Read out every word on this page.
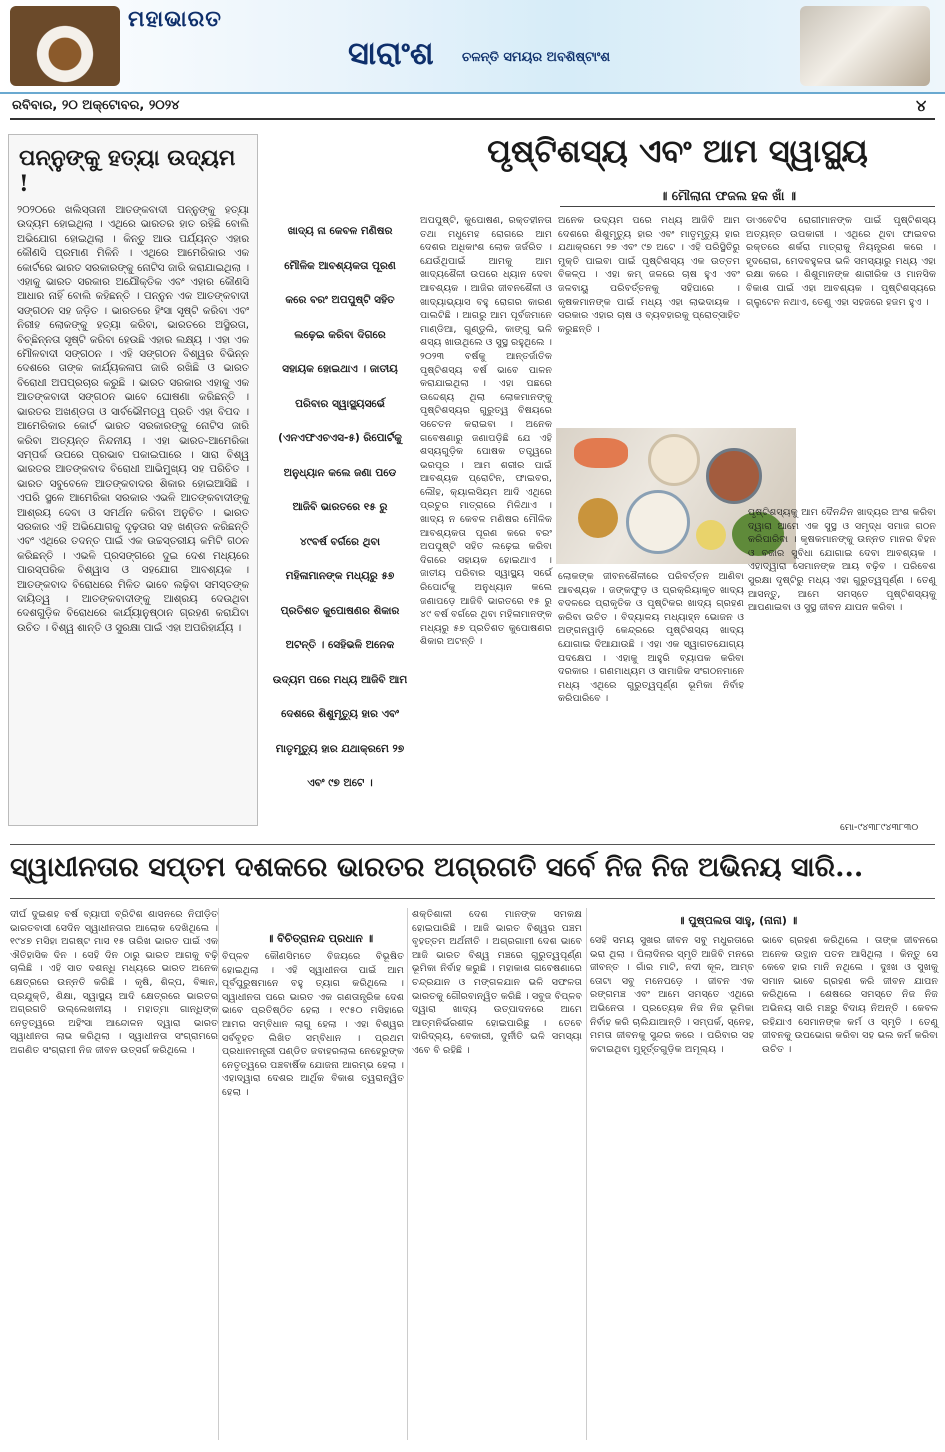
ମହାଭାରତ
ସାରାଂଶ ଚଳନ୍ତି ସମୟର ଅବଶିଷ୍ଟାଂଶ
ରବିବାର, ୨୦ ଅକ୍ଟୋବର, ୨୦୨୪	୪
ପନ୍ନୁଙ୍କୁ ହତ୍ୟା ଉଦ୍ୟମ !

୨୦୨୦ରେ ଖଲିସ୍ତାନୀ ଆତଙ୍କବାଦୀ ପନ୍ନୁଙ୍କୁ ହତ୍ୟା ଉଦ୍ୟମ ହୋଇଥିଲା । ଏଥିରେ ଭାରତର ହାତ ରହିଛି ବୋଲି ଅଭିଯୋଗ ହୋଇଥିଲା । କିନ୍ତୁ ଆଉ ପର୍ଯ୍ୟନ୍ତ ଏହାର କୌଣସି ପ୍ରମାଣ ମିଳିନି । ଏଥିରେ ଆମେରିକାର ଏକ କୋର୍ଟରେ ଭାରତ ସରକାରଙ୍କୁ ନୋଟିସ ଜାରି କରାଯାଇଥିଲା । ଏହାକୁ ଭାରତ ସରକାର ଅଯୌକ୍ତିକ ଏବଂ ଏହାର କୌଣସି ଆଧାର ନାହିଁ ବୋଲି କହିଛନ୍ତି । ପନ୍ନୁନ ଏକ ଆତଙ୍କବାଦୀ ସଙ୍ଗଠନ ସହ ଜଡ଼ିତ । ଭାରତରେ ହିଂସା ସୃଷ୍ଟି କରିବା ଏବଂ ନିରୀହ ଲୋକଙ୍କୁ ହତ୍ୟା କରିବା, ଭାରତରେ ଅସ୍ଥିରତା, ବିଚ୍ଛିନ୍ନତା ସୃଷ୍ଟି କରିବା ହେଉଛି ଏହାର ଲକ୍ଷ୍ୟ । ଏହା ଏକ ମୌଳବାଦୀ ସଙ୍ଗଠନ । ଏହି ସଙ୍ଗଠନ ବିଶ୍ୱର ବିଭିନ୍ନ ଦେଶରେ ତାଙ୍କ କାର୍ଯ୍ୟକଳାପ ଜାରି ରଖିଛି ଓ ଭାରତ ବିରୋଧୀ ଅପପ୍ରଚାର କରୁଛି । ଭାରତ ସରକାର ଏହାକୁ ଏକ ଆତଙ୍କବାଦୀ ସଙ୍ଗଠନ ଭାବେ ଘୋଷଣା କରିଛନ୍ତି । ଭାରତର ଅଖଣ୍ଡତା ଓ ସାର୍ବଭୌମତ୍ୱ ପ୍ରତି ଏହା ବିପଦ । ଆମେରିକାର କୋର୍ଟ ଭାରତ ସରକାରଙ୍କୁ ନୋଟିସ ଜାରି କରିବା ଅତ୍ୟନ୍ତ ନିନ୍ଦନୀୟ । ଏହା ଭାରତ-ଆମେରିକା ସମ୍ପର୍କ ଉପରେ ପ୍ରଭାବ ପକାଇପାରେ । ସାରା ବିଶ୍ୱ ଭାରତର ଆତଙ୍କବାଦ ବିରୋଧୀ ଆଭିମୁଖ୍ୟ ସହ ପରିଚିତ । ଭାରତ ସବୁବେଳେ ଆତଙ୍କବାଦର ଶିକାର ହୋଇଆସିଛି । ଏପରି ସ୍ଥଳେ ଆମେରିକା ସରକାର ଏଭଳି ଆତଙ୍କବାଦୀଙ୍କୁ ଆଶ୍ରୟ ଦେବା ଓ ସମର୍ଥନ କରିବା ଅନୁଚିତ । ଭାରତ ସରକାର ଏହି ଅଭିଯୋଗକୁ ଦୃଢ଼ତାର ସହ ଖଣ୍ଡନ କରିଛନ୍ତି ଏବଂ ଏଥିରେ ତଦନ୍ତ ପାଇଁ ଏକ ଉଚ୍ଚସ୍ତରୀୟ କମିଟି ଗଠନ କରିଛନ୍ତି । ଏଭଳି ପ୍ରସଙ୍ଗରେ ଦୁଇ ଦେଶ ମଧ୍ୟରେ ପାରସ୍ପରିକ ବିଶ୍ୱାସ ଓ ସହଯୋଗ ଆବଶ୍ୟକ । ଆତଙ୍କବାଦ ବିରୋଧରେ ମିଳିତ ଭାବେ ଲଢ଼ିବା ସମସ୍ତଙ୍କ ଦାୟିତ୍ୱ । ଆତଙ୍କବାଦୀଙ୍କୁ ଆଶ୍ରୟ ଦେଉଥିବା ଦେଶଗୁଡ଼ିକ ବିରୋଧରେ କାର୍ଯ୍ୟାନୁଷ୍ଠାନ ଗ୍ରହଣ କରାଯିବା ଉଚିତ । ବିଶ୍ୱ ଶାନ୍ତି ଓ ସୁରକ୍ଷା ପାଇଁ ଏହା ଅପରିହାର୍ଯ୍ୟ ।

ଖାଦ୍ୟ ନା କେବଳ ମଣିଷର
ମୌଳିକ ଆବଶ୍ୟକତା ପୂରଣ
କରେ ବରଂ ଅପପୁଷ୍ଟି ସହିତ
ଲଢ଼େଇ କରିବା ଦିଗରେ
ସହାୟକ ହୋଇଥାଏ । ଜାତୀୟ
ପରିବାର ସ୍ୱାସ୍ଥ୍ୟସର୍ଭେ
(ଏନଏଫଏଚଏସ-୫) ରିପୋର୍ଟକୁ
ଅନୁଧ୍ୟାନ କଲେ ଜଣା ପଡେ
ଆଜିବି ଭାରତରେ ୧୫ ରୁ
୪୯ବର୍ଷ ବର୍ଗରେ ଥିବା
ମହିଳାମାନଙ୍କ ମଧ୍ୟରୁ ୫୭
ପ୍ରତିଶତ କୁପୋଷଣର ଶିକାର
ଅଟନ୍ତି । ସେହିଭଳି ଅନେକ
ଉଦ୍ୟମ ପରେ ମଧ୍ୟ ଆଜିବି ଆମ
ଦେଶରେ ଶିଶୁମୃତ୍ୟୁ ହାର ଏବଂ
ମାତୃମୃତ୍ୟୁ ହାର ଯଥାକ୍ରମେ ୨୭
ଏବଂ ୯୭ ଅଟେ ।
ପୃଷ୍ଟିଶସ୍ୟ ଏବଂ ଆମ ସ୍ୱାସ୍ଥ୍ୟ
॥ ମୌଲାନା ଫଜଲ ହକ ଖାଁ ॥
ଅପପୁଷ୍ଟି, କୁପୋଷଣ, ରକ୍ତହୀନତା ତଥା ମଧୁମେହ ରୋଗରେ ଆମ ଦେଶର ଅଧିକାଂଶ ଲୋକ ଜର୍ଜରିତ । ଯେଉଁଥିପାଇଁ ଆମକୁ ଆମ ଖାଦ୍ୟଶୈଳୀ ଉପରେ ଧ୍ୟାନ ଦେବା ଆବଶ୍ୟକ । ଆଜିର ଜୀବନଶୈଳୀ ଓ ଖାଦ୍ୟାଭ୍ୟାସ ବହୁ ରୋଗର କାରଣ ପାଲଟିଛି । ଆଗରୁ ଆମ ପୂର୍ବଜମାନେ ମାଣ୍ଡିଆ, ଗୁଣ୍ଡୁଲି, କାଙ୍ଗୁ ଭଳି ଶସ୍ୟ ଖାଉଥିଲେ ଓ ସୁସ୍ଥ ରହୁଥିଲେ । ୨୦୨୩ ବର୍ଷକୁ ଆନ୍ତର୍ଜାତିକ ପୃଷ୍ଟିଶସ୍ୟ ବର୍ଷ ଭାବେ ପାଳନ କରାଯାଇଥିଲା । ଏହା ପଛରେ ଉଦ୍ଦେଶ୍ୟ ଥିଲା ଲୋକମାନଙ୍କୁ ପୃଷ୍ଟିଶସ୍ୟର ଗୁରୁତ୍ୱ ବିଷୟରେ ସଚେତନ କରାଇବା । ଅନେକ ଗବେଷଣାରୁ ଜଣାପଡ଼ିଛି ଯେ ଏହି ଶସ୍ୟଗୁଡ଼ିକ ପୋଷକ ତତ୍ତ୍ୱରେ ଭରପୂର । ଆମ ଶରୀର ପାଇଁ ଆବଶ୍ୟକ ପ୍ରୋଟିନ, ଫାଇବର, ଲୌହ, କ୍ୟାଲସିୟମ ଆଦି ଏଥିରେ ପ୍ରଚୁର ମାତ୍ରାରେ ମିଳିଥାଏ । ଖାଦ୍ୟ ନ କେବଳ ମଣିଷର ମୌଳିକ ଆବଶ୍ୟକତା ପୂରଣ କରେ ବରଂ ଅପପୁଷ୍ଟି ସହିତ ଲଢ଼େଇ କରିବା ଦିଗରେ ସହାୟକ ହୋଇଥାଏ । ଜାତୀୟ ପରିବାର ସ୍ୱାସ୍ଥ୍ୟ ସର୍ଭେ ରିପୋର୍ଟକୁ ଅନୁଧ୍ୟାନ କଲେ ଜଣାପଡ଼େ ଆଜିବି ଭାରତରେ ୧୫ ରୁ ୪୯ ବର୍ଷ ବର୍ଗରେ ଥିବା ମହିଳାମାନଙ୍କ ମଧ୍ୟରୁ ୫୭ ପ୍ରତିଶତ କୁପୋଷଣର ଶିକାର ଅଟନ୍ତି ।
ଅନେକ ଉଦ୍ୟମ ପରେ ମଧ୍ୟ ଆଜିବି ଆମ ଦେଶରେ ଶିଶୁମୃତ୍ୟୁ ହାର ଏବଂ ମାତୃମୃତ୍ୟୁ ହାର ଯଥାକ୍ରମେ ୨୭ ଏବଂ ୯୭ ଅଟେ । ଏହି ପରିସ୍ଥିତିରୁ ମୁକ୍ତି ପାଇବା ପାଇଁ ପୃଷ୍ଟିଶସ୍ୟ ଏକ ଉତ୍ତମ ବିକଳ୍ପ । ଏହା କମ୍ ଜଳରେ ଚାଷ ହୁଏ ଏବଂ ଜଳବାୟୁ ପରିବର୍ତ୍ତନକୁ ସହିପାରେ । କୃଷକମାନଙ୍କ ପାଇଁ ମଧ୍ୟ ଏହା ଲାଭଦାୟକ । ସରକାର ଏହାର ଚାଷ ଓ ବ୍ୟବହାରକୁ ପ୍ରୋତ୍ସାହିତ କରୁଛନ୍ତି ।
ଡାଏବେଟିସ ରୋଗୀମାନଙ୍କ ପାଇଁ ପୃଷ୍ଟିଶସ୍ୟ ଅତ୍ୟନ୍ତ ଉପକାରୀ । ଏଥିରେ ଥିବା ଫାଇବର ରକ୍ତରେ ଶର୍କରା ମାତ୍ରାକୁ ନିୟନ୍ତ୍ରଣ କରେ । ହୃଦରୋଗ, ମେଦବହୁଳତା ଭଳି ସମସ୍ୟାରୁ ମଧ୍ୟ ଏହା ରକ୍ଷା କରେ । ଶିଶୁମାନଙ୍କ ଶାରୀରିକ ଓ ମାନସିକ ବିକାଶ ପାଇଁ ଏହା ଆବଶ୍ୟକ । ପୃଷ୍ଟିଶସ୍ୟରେ ଗ୍ଲୁଟେନ ନଥାଏ, ତେଣୁ ଏହା ସହଜରେ ହଜମ ହୁଏ ।
ଲୋକଙ୍କ ଜୀବନଶୈଳୀରେ ପରିବର୍ତ୍ତନ ଆଣିବା ଆବଶ୍ୟକ । ଜଙ୍କଫୁଡ଼ ଓ ପ୍ରକ୍ରିୟାକୃତ ଖାଦ୍ୟ ବଦଳରେ ପ୍ରାକୃତିକ ଓ ପୃଷ୍ଟିକର ଖାଦ୍ୟ ଗ୍ରହଣ କରିବା ଉଚିତ । ବିଦ୍ୟାଳୟ ମଧ୍ୟାହ୍ନ ଭୋଜନ ଓ ଅଙ୍ଗନୱାଡ଼ି କେନ୍ଦ୍ରରେ ପୃଷ୍ଟିଶସ୍ୟ ଖାଦ୍ୟ ଯୋଗାଇ ଦିଆଯାଉଛି । ଏହା ଏକ ସ୍ୱାଗତଯୋଗ୍ୟ ପଦକ୍ଷେପ । ଏହାକୁ ଆହୁରି ବ୍ୟାପକ କରିବା ଦରକାର । ଗଣମାଧ୍ୟମ ଓ ସାମାଜିକ ସଂଗଠନମାନେ ମଧ୍ୟ ଏଥିରେ ଗୁରୁତ୍ୱପୂର୍ଣ୍ଣ ଭୂମିକା ନିର୍ବାହ କରିପାରିବେ ।
ପୃଷ୍ଟିଶସ୍ୟକୁ ଆମ ଦୈନନ୍ଦିନ ଖାଦ୍ୟର ଅଂଶ କରିବା ଦ୍ୱାରା ଆମେ ଏକ ସୁସ୍ଥ ଓ ସମୃଦ୍ଧ ସମାଜ ଗଠନ କରିପାରିବା । କୃଷକମାନଙ୍କୁ ଉନ୍ନତ ମାନର ବିହନ ଓ ବଜାର ସୁବିଧା ଯୋଗାଇ ଦେବା ଆବଶ୍ୟକ । ଏହାଦ୍ୱାରା ସେମାନଙ୍କ ଆୟ ବଢ଼ିବ । ପରିବେଶ ସୁରକ୍ଷା ଦୃଷ୍ଟିରୁ ମଧ୍ୟ ଏହା ଗୁରୁତ୍ୱପୂର୍ଣ୍ଣ । ତେଣୁ ଆସନ୍ତୁ, ଆମେ ସମସ୍ତେ ପୃଷ୍ଟିଶସ୍ୟକୁ ଆପଣାଇବା ଓ ସୁସ୍ଥ ଜୀବନ ଯାପନ କରିବା ।
ମୋ-୯୪୩୮୯୪୩୮୩୦
ସ୍ୱାଧୀନତାର ସପ୍ତମ ଦଶକରେ ଭାରତର ଅଗ୍ରଗତି ସର୍ବେ ନିଜ ନିଜ ଅଭିନୟ ସାରି...
ଦୀର୍ଘ ଦୁଇଶହ ବର୍ଷ ବ୍ୟାପୀ ବ୍ରିଟିଶ ଶାସନରେ ନିପୀଡ଼ିତ ଭାରତବାସୀ ସେଦିନ ସ୍ୱାଧୀନତାର ଆଲୋକ ଦେଖିଥିଲେ । ୧୯୪୭ ମସିହା ଅଗଷ୍ଟ ମାସ ୧୫ ତାରିଖ ଭାରତ ପାଇଁ ଏକ ଐତିହାସିକ ଦିନ । ସେହି ଦିନ ଠାରୁ ଭାରତ ଆଗକୁ ବଢ଼ି ଚାଲିଛି । ଏହି ସାତ ଦଶନ୍ଧି ମଧ୍ୟରେ ଭାରତ ଅନେକ କ୍ଷେତ୍ରରେ ଉନ୍ନତି କରିଛି । କୃଷି, ଶିଳ୍ପ, ବିଜ୍ଞାନ, ପ୍ରଯୁକ୍ତି, ଶିକ୍ଷା, ସ୍ୱାସ୍ଥ୍ୟ ଆଦି କ୍ଷେତ୍ରରେ ଭାରତର ଅଗ୍ରଗତି ଉଲ୍ଲେଖନୀୟ । ମହାତ୍ମା ଗାନ୍ଧିଙ୍କ ନେତୃତ୍ୱରେ ଅହିଂସା ଆନ୍ଦୋଳନ ଦ୍ୱାରା ଭାରତ ସ୍ୱାଧୀନତା ଲାଭ କରିଥିଲା । ସ୍ୱାଧୀନତା ସଂଗ୍ରାମରେ ଅଗଣିତ ସଂଗ୍ରାମୀ ନିଜ ଜୀବନ ଉତ୍ସର୍ଗ କରିଥିଲେ ।
॥ ବିଚିତ୍ରାନନ୍ଦ ପ୍ରଧାନ ॥
ବିପ୍ଳବ କୌଣସିମତେ ବିଜୟରେ ବିଭୂଷିତ ହୋଇଥିଲା । ଏହି ସ୍ୱାଧୀନତା ପାଇଁ ଆମ ପୂର୍ବପୁରୁଷମାନେ ବହୁ ତ୍ୟାଗ କରିଥିଲେ । ସ୍ୱାଧୀନତା ପରେ ଭାରତ ଏକ ଗଣତାନ୍ତ୍ରିକ ଦେଶ ଭାବେ ପ୍ରତିଷ୍ଠିତ ହେଲା । ୧୯୫୦ ମସିହାରେ ଆମର ସମ୍ବିଧାନ ଲାଗୁ ହେଲା । ଏହା ବିଶ୍ୱର ସର୍ବବୃହତ ଲିଖିତ ସମ୍ବିଧାନ । ପ୍ରଥମ ପ୍ରଧାନମନ୍ତ୍ରୀ ପଣ୍ଡିତ ଜବାହରଲାଲ ନେହେରୁଙ୍କ ନେତୃତ୍ୱରେ ପଞ୍ଚବାର୍ଷିକ ଯୋଜନା ଆରମ୍ଭ ହେଲା । ଏହାଦ୍ୱାରା ଦେଶର ଆର୍ଥିକ ବିକାଶ ତ୍ୱରାନ୍ୱିତ ହେଲା ।
ଶକ୍ତିଶାଳୀ ଦେଶ ମାନଙ୍କ ସମକକ୍ଷ ହୋଇପାରିଛି । ଆଜି ଭାରତ ବିଶ୍ୱର ପଞ୍ଚମ ବୃହତ୍ତମ ଅର୍ଥନୀତି । ଅଗ୍ରଗାମୀ ଦେଶ ଭାବେ ଆଜି ଭାରତ ବିଶ୍ୱ ମଞ୍ଚରେ ଗୁରୁତ୍ୱପୂର୍ଣ୍ଣ ଭୂମିକା ନିର୍ବାହ କରୁଛି । ମହାକାଶ ଗବେଷଣାରେ ଚନ୍ଦ୍ରଯାନ ଓ ମଙ୍ଗଳଯାନ ଭଳି ସଫଳତା ଭାରତକୁ ଗୌରବାନ୍ୱିତ କରିଛି । ସବୁଜ ବିପ୍ଳବ ଦ୍ୱାରା ଖାଦ୍ୟ ଉତ୍ପାଦନରେ ଆମେ ଆତ୍ମନିର୍ଭରଶୀଳ ହୋଇପାରିଛୁ । ତେବେ ଦାରିଦ୍ର୍ୟ, ବେକାରୀ, ଦୁର୍ନୀତି ଭଳି ସମସ୍ୟା ଏବେ ବି ରହିଛି ।
॥ ପୁଷ୍ପଲତା ସାହୁ, (ନାନା) ॥
ସେହି ସମୟ ସୁଖର ଜୀବନ ସବୁ ମଧୁରତାରେ ଭରା ଥିଲା । ପିଲାଦିନର ସ୍ମୃତି ଆଜିବି ମନରେ ଜୀବନ୍ତ । ଗାଁର ମାଟି, ନଦୀ କୂଳ, ଆମ୍ବ ତୋଟା ସବୁ ମନେପଡ଼େ । ଜୀବନ ଏକ ରଙ୍ଗମଞ୍ଚ ଏବଂ ଆମେ ସମସ୍ତେ ଏଥିରେ ଅଭିନେତା । ପ୍ରତ୍ୟେକ ନିଜ ନିଜ ଭୂମିକା ନିର୍ବାହ କରି ଚାଲିଯାଆନ୍ତି । ସମ୍ପର୍କ, ସ୍ନେହ, ମମତା ଜୀବନକୁ ସୁନ୍ଦର କରେ । ପରିବାର ସହ କଟାଇଥିବା ମୁହୂର୍ତ୍ତଗୁଡ଼ିକ ଅମୂଲ୍ୟ ।
ଭାବେ ଗ୍ରହଣ କରିଥିଲେ । ତାଙ୍କ ଜୀବନରେ ଅନେକ ଉତ୍ଥାନ ପତନ ଆସିଥିଲା । କିନ୍ତୁ ସେ କେବେ ହାର ମାନି ନଥିଲେ । ଦୁଃଖ ଓ ସୁଖକୁ ସମାନ ଭାବେ ଗ୍ରହଣ କରି ଜୀବନ ଯାପନ କରିଥିଲେ । ଶେଷରେ ସମସ୍ତେ ନିଜ ନିଜ ଅଭିନୟ ସାରି ମଞ୍ଚରୁ ବିଦାୟ ନିଅନ୍ତି । କେବଳ ରହିଯାଏ ସେମାନଙ୍କ କର୍ମ ଓ ସ୍ମୃତି । ତେଣୁ ଜୀବନକୁ ଉପଭୋଗ କରିବା ସହ ଭଲ କର୍ମ କରିବା ଉଚିତ ।
